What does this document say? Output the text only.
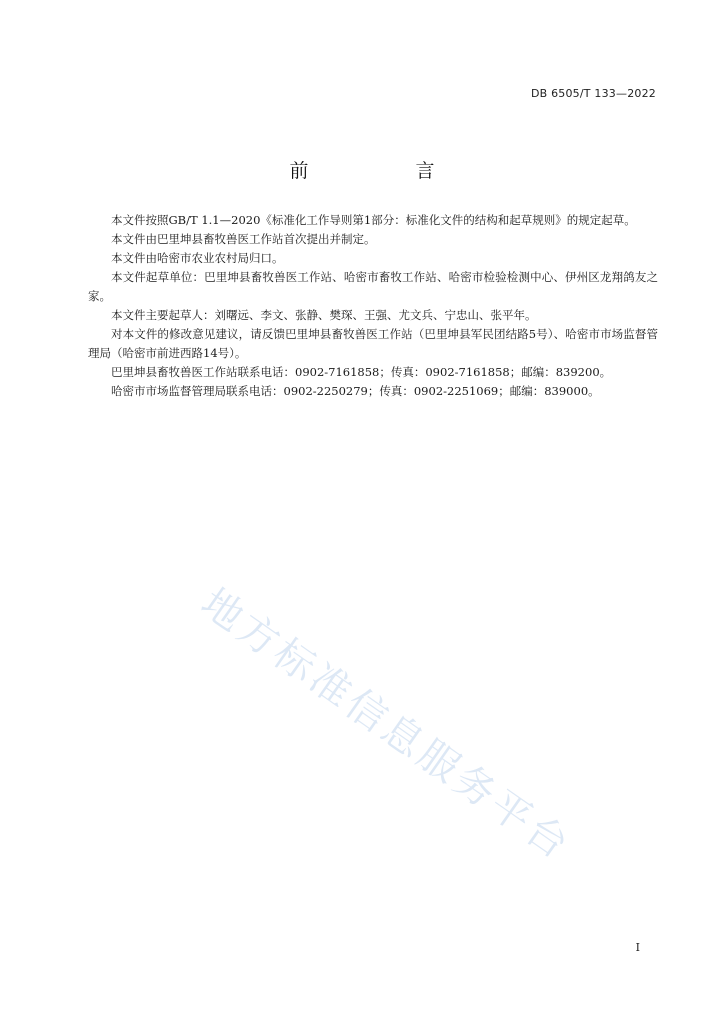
DB 6505/T 133—2022
前　言

本文件按照GB/T 1.1—2020《标准化工作导则第1部分：标准化文件的结构和起草规则》的规定起草。

本文件由巴里坤县畜牧兽医工作站首次提出并制定。

本文件由哈密市农业农村局归口。

本文件起草单位：巴里坤县畜牧兽医工作站、哈密市畜牧工作站、哈密市检验检测中心、伊州区龙翔鸽友之家。

本文件主要起草人：刘曙远、李文、张静、樊琛、王强、尤文兵、宁忠山、张平年。

对本文件的修改意见建议，请反馈巴里坤县畜牧兽医工作站（巴里坤县军民团结路5号）、哈密市市场监督管理局（哈密市前进西路14号）。

巴里坤县畜牧兽医工作站联系电话：0902-7161858；传真：0902-7161858；邮编：839200。

哈密市市场监督管理局联系电话：0902-2250279；传真：0902-2251069；邮编：839000。

地方标准信息服务平台
I
